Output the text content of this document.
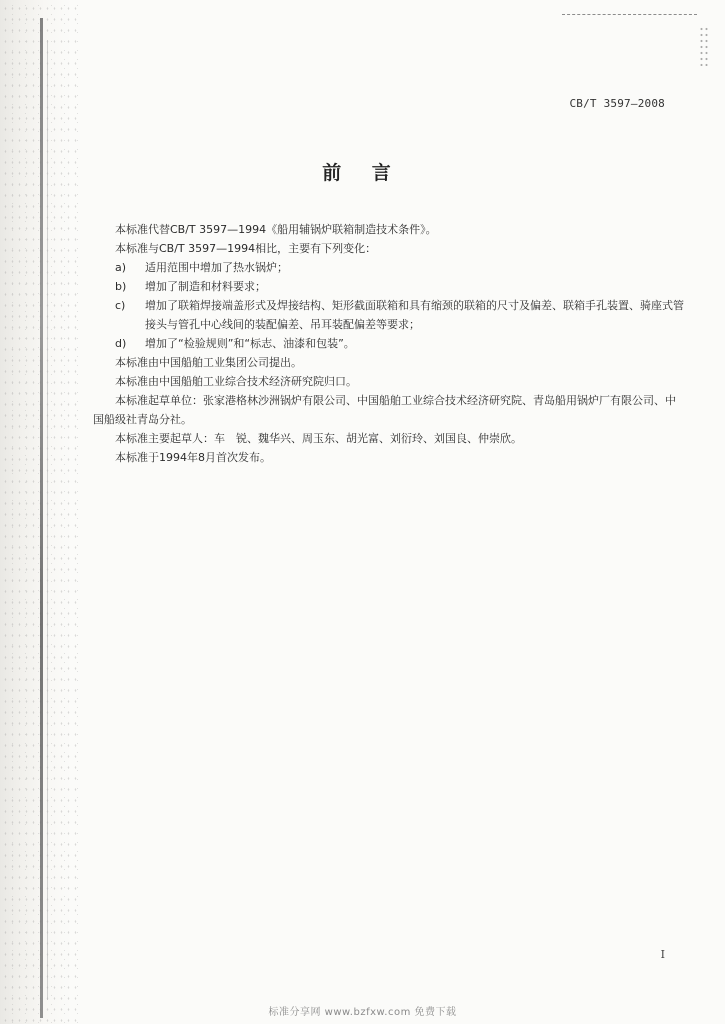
CB/T 3597—2008
前 言

本标准代替CB/T 3597—1994《船用辅锅炉联箱制造技术条件》。

本标准与CB/T 3597—1994相比，主要有下列变化：

a)	适用范围中增加了热水锅炉；
b)	增加了制造和材料要求；
c)	增加了联箱焊接端盖形式及焊接结构、矩形截面联箱和具有缩颈的联箱的尺寸及偏差、联箱手孔装置、骑座式管接头与管孔中心线间的装配偏差、吊耳装配偏差等要求；
d)	增加了“检验规则”和“标志、油漆和包装”。

本标准由中国船舶工业集团公司提出。

本标准由中国船舶工业综合技术经济研究院归口。

本标准起草单位：张家港格林沙洲锅炉有限公司、中国船舶工业综合技术经济研究院、青岛船用锅炉厂有限公司、中国船级社青岛分社。

本标准主要起草人：车　锐、魏华兴、周玉东、胡光富、刘衍玲、刘国良、仲崇欣。

本标准于1994年8月首次发布。

I
标准分享网 www.bzfxw.com 免费下载
